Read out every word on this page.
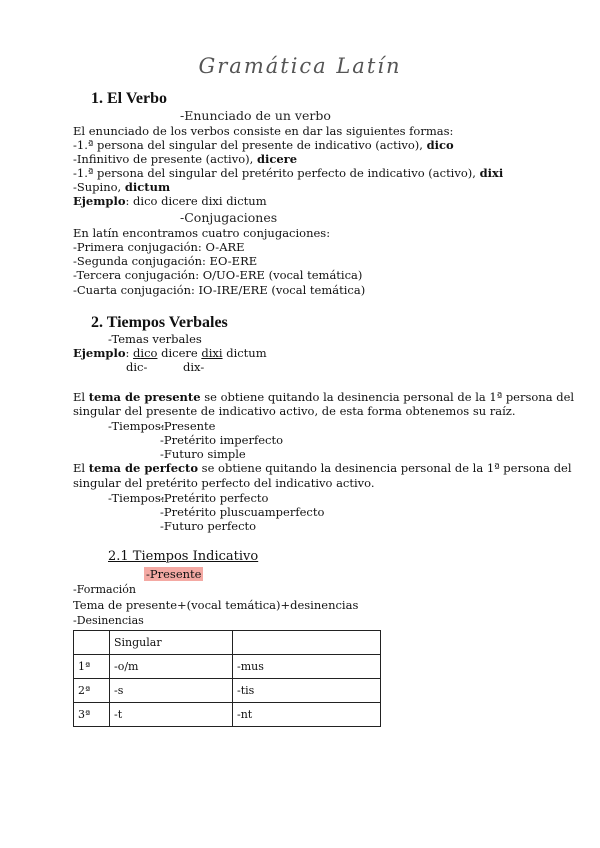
Gramática Latín
1. El Verbo
-Enunciado de un verbo
El enunciado de los verbos consiste en dar las siguientes formas:
-1.ª persona del singular del presente de indicativo (activo), dico
-Infinitivo de presente (activo), dicere
-1.ª persona del singular del pretérito perfecto de indicativo (activo), dixi
-Supino, dictum
Ejemplo: dico dicere dixi dictum
-Conjugaciones
En latín encontramos cuatro conjugaciones:
-Primera conjugación: O-ARE
-Segunda conjugación: EO-ERE
-Tercera conjugación: O/UO-ERE (vocal temática)
-Cuarta conjugación: IO-IRE/ERE (vocal temática)
2. Tiempos Verbales
-Temas verbales
Ejemplo: dico dicere dixi dictum
dic-	dix-
El tema de presente se obtiene quitando la desinencia personal de la 1ª persona del
singular del presente de indicativo activo, de esta forma obtenemos su raíz.
-Tiempos:
-Presente
-Pretérito imperfecto
-Futuro simple
El tema de perfecto se obtiene quitando la desinencia personal de la 1ª persona del
singular del pretérito perfecto del indicativo activo.
-Tiempos:
-Pretérito perfecto
-Pretérito pluscuamperfecto
-Futuro perfecto
2.1 Tiempos Indicativo
-Presente
-Formación
Tema de presente+(vocal temática)+desinencias
-Desinencias
	Singular	
1ª	-o/m	-mus
2ª	-s	-tis
3ª	-t	-nt
